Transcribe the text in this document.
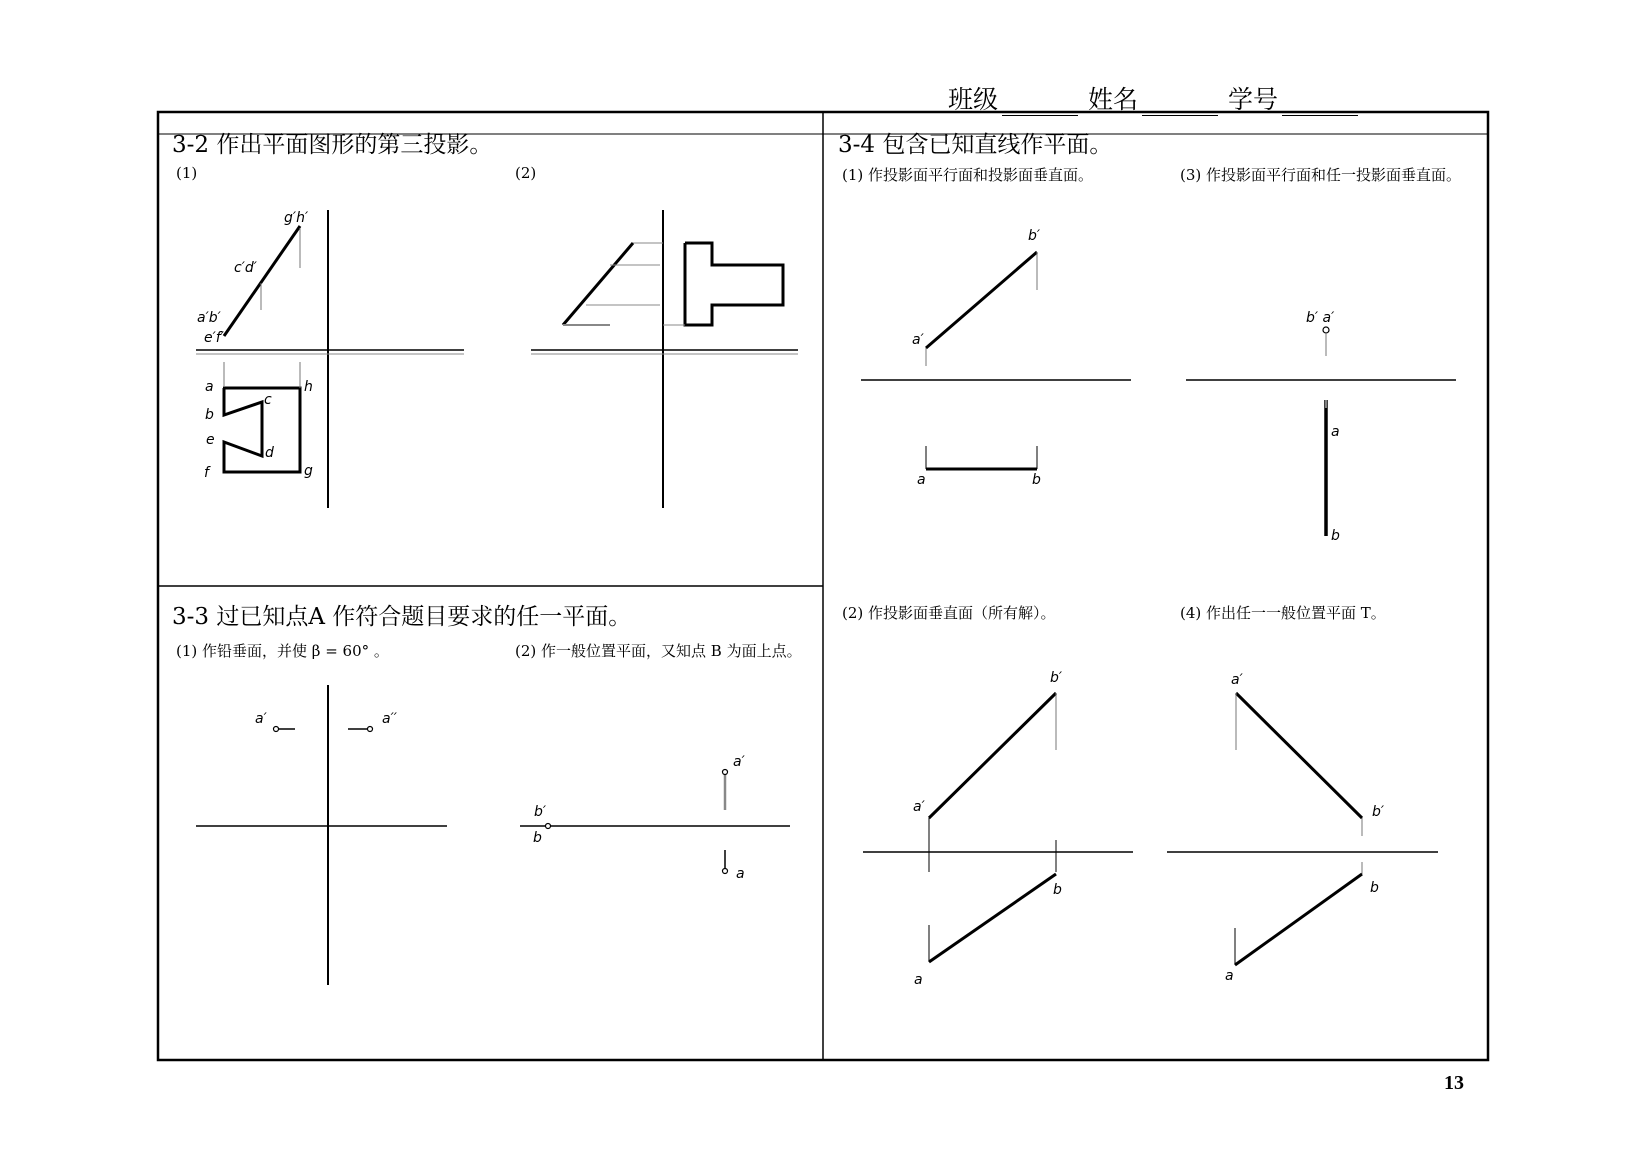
班级	姓名	学号
3-2 作出平面图形的第三投影。
(1)	(2)
3-4 包含已知直线作平面。
(1) 作投影面平行面和投影面垂直面。	(3) 作投影面平行面和任一投影面垂直面。
(2) 作投影面垂直面（所有解）。	(4) 作出任一一般位置平面 T。
3-3 过已知点A 作符合题目要求的任一平面。
(1) 作铅垂面，并使 β = 60° 。	(2) 作一般位置平面，又知点 B 为面上点。
g′h′
c′d′
a′b′
e′f′
a	h
c
b
e
d
f	g
a′	a′′
b′
b
a′
a
b′
a′
a	b
b′ a′
a
b
b′
a′
b
a
a′
b′
b
a
13
